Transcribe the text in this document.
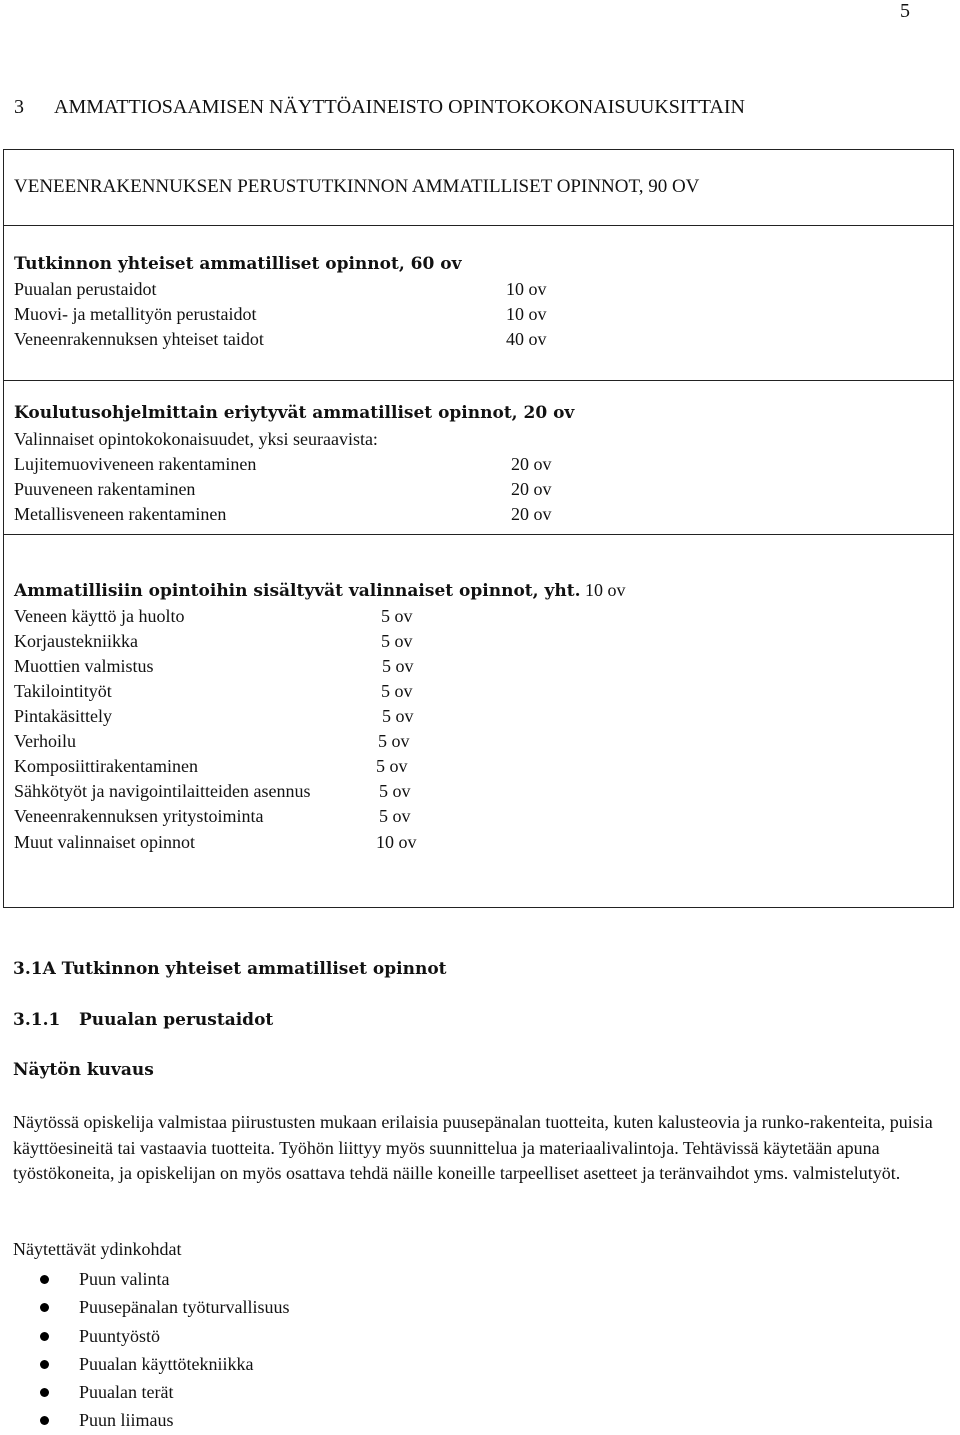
5
3 AMMATTIOSAAMISEN NÄYTTÖAINEISTO OPINTOKOKONAISUUKSITTAIN
VENEENRAKENNUKSEN PERUSTUTKINNON AMMATILLISET OPINNOT, 90 OV
Tutkinnon yhteiset ammatilliset opinnot, 60 ov
Puualan perustaidot	10 ov
Muovi- ja metallityön perustaidot	10 ov
Veneenrakennuksen yhteiset taidot	40 ov
Koulutusohjelmittain eriytyvät ammatilliset opinnot, 20 ov
Valinnaiset opintokokonaisuudet, yksi seuraavista:
Lujitemuoviveneen rakentaminen	20 ov
Puuveneen rakentaminen	20 ov
Metallisveneen rakentaminen	20 ov
Ammatillisiin opintoihin sisältyvät valinnaiset opinnot, yht. 10 ov
Veneen käyttö ja huolto	5 ov
Korjaustekniikka	5 ov
Muottien valmistus	5 ov
Takilointityöt	5 ov
Pintakäsittely	5 ov
Verhoilu	5 ov
Komposiittirakentaminen	5 ov
Sähkötyöt ja navigointilaitteiden asennus	5 ov
Veneenrakennuksen yritystoiminta	5 ov
Muut valinnaiset opinnot	10 ov
3.1A Tutkinnon yhteiset ammatilliset opinnot
3.1.1 Puualan perustaidot
Näytön kuvaus
Näytössä opiskelija valmistaa piirustusten mukaan erilaisia puusepänalan tuotteita, kuten kalusteovia ja runko-rakenteita, puisia käyttöesineitä tai vastaavia tuotteita. Työhön liittyy myös suunnittelua ja materiaalivalintoja. Tehtävissä käytetään apuna työstökoneita, ja opiskelijan on myös osattava tehdä näille koneille tarpeelliset asetteet ja teränvaihdot yms. valmistelutyöt.
Näytettävät ydinkohdat
Puun valinta
Puusepänalan työturvallisuus
Puuntyöstö
Puualan käyttötekniikka
Puualan terät
Puun liimaus
